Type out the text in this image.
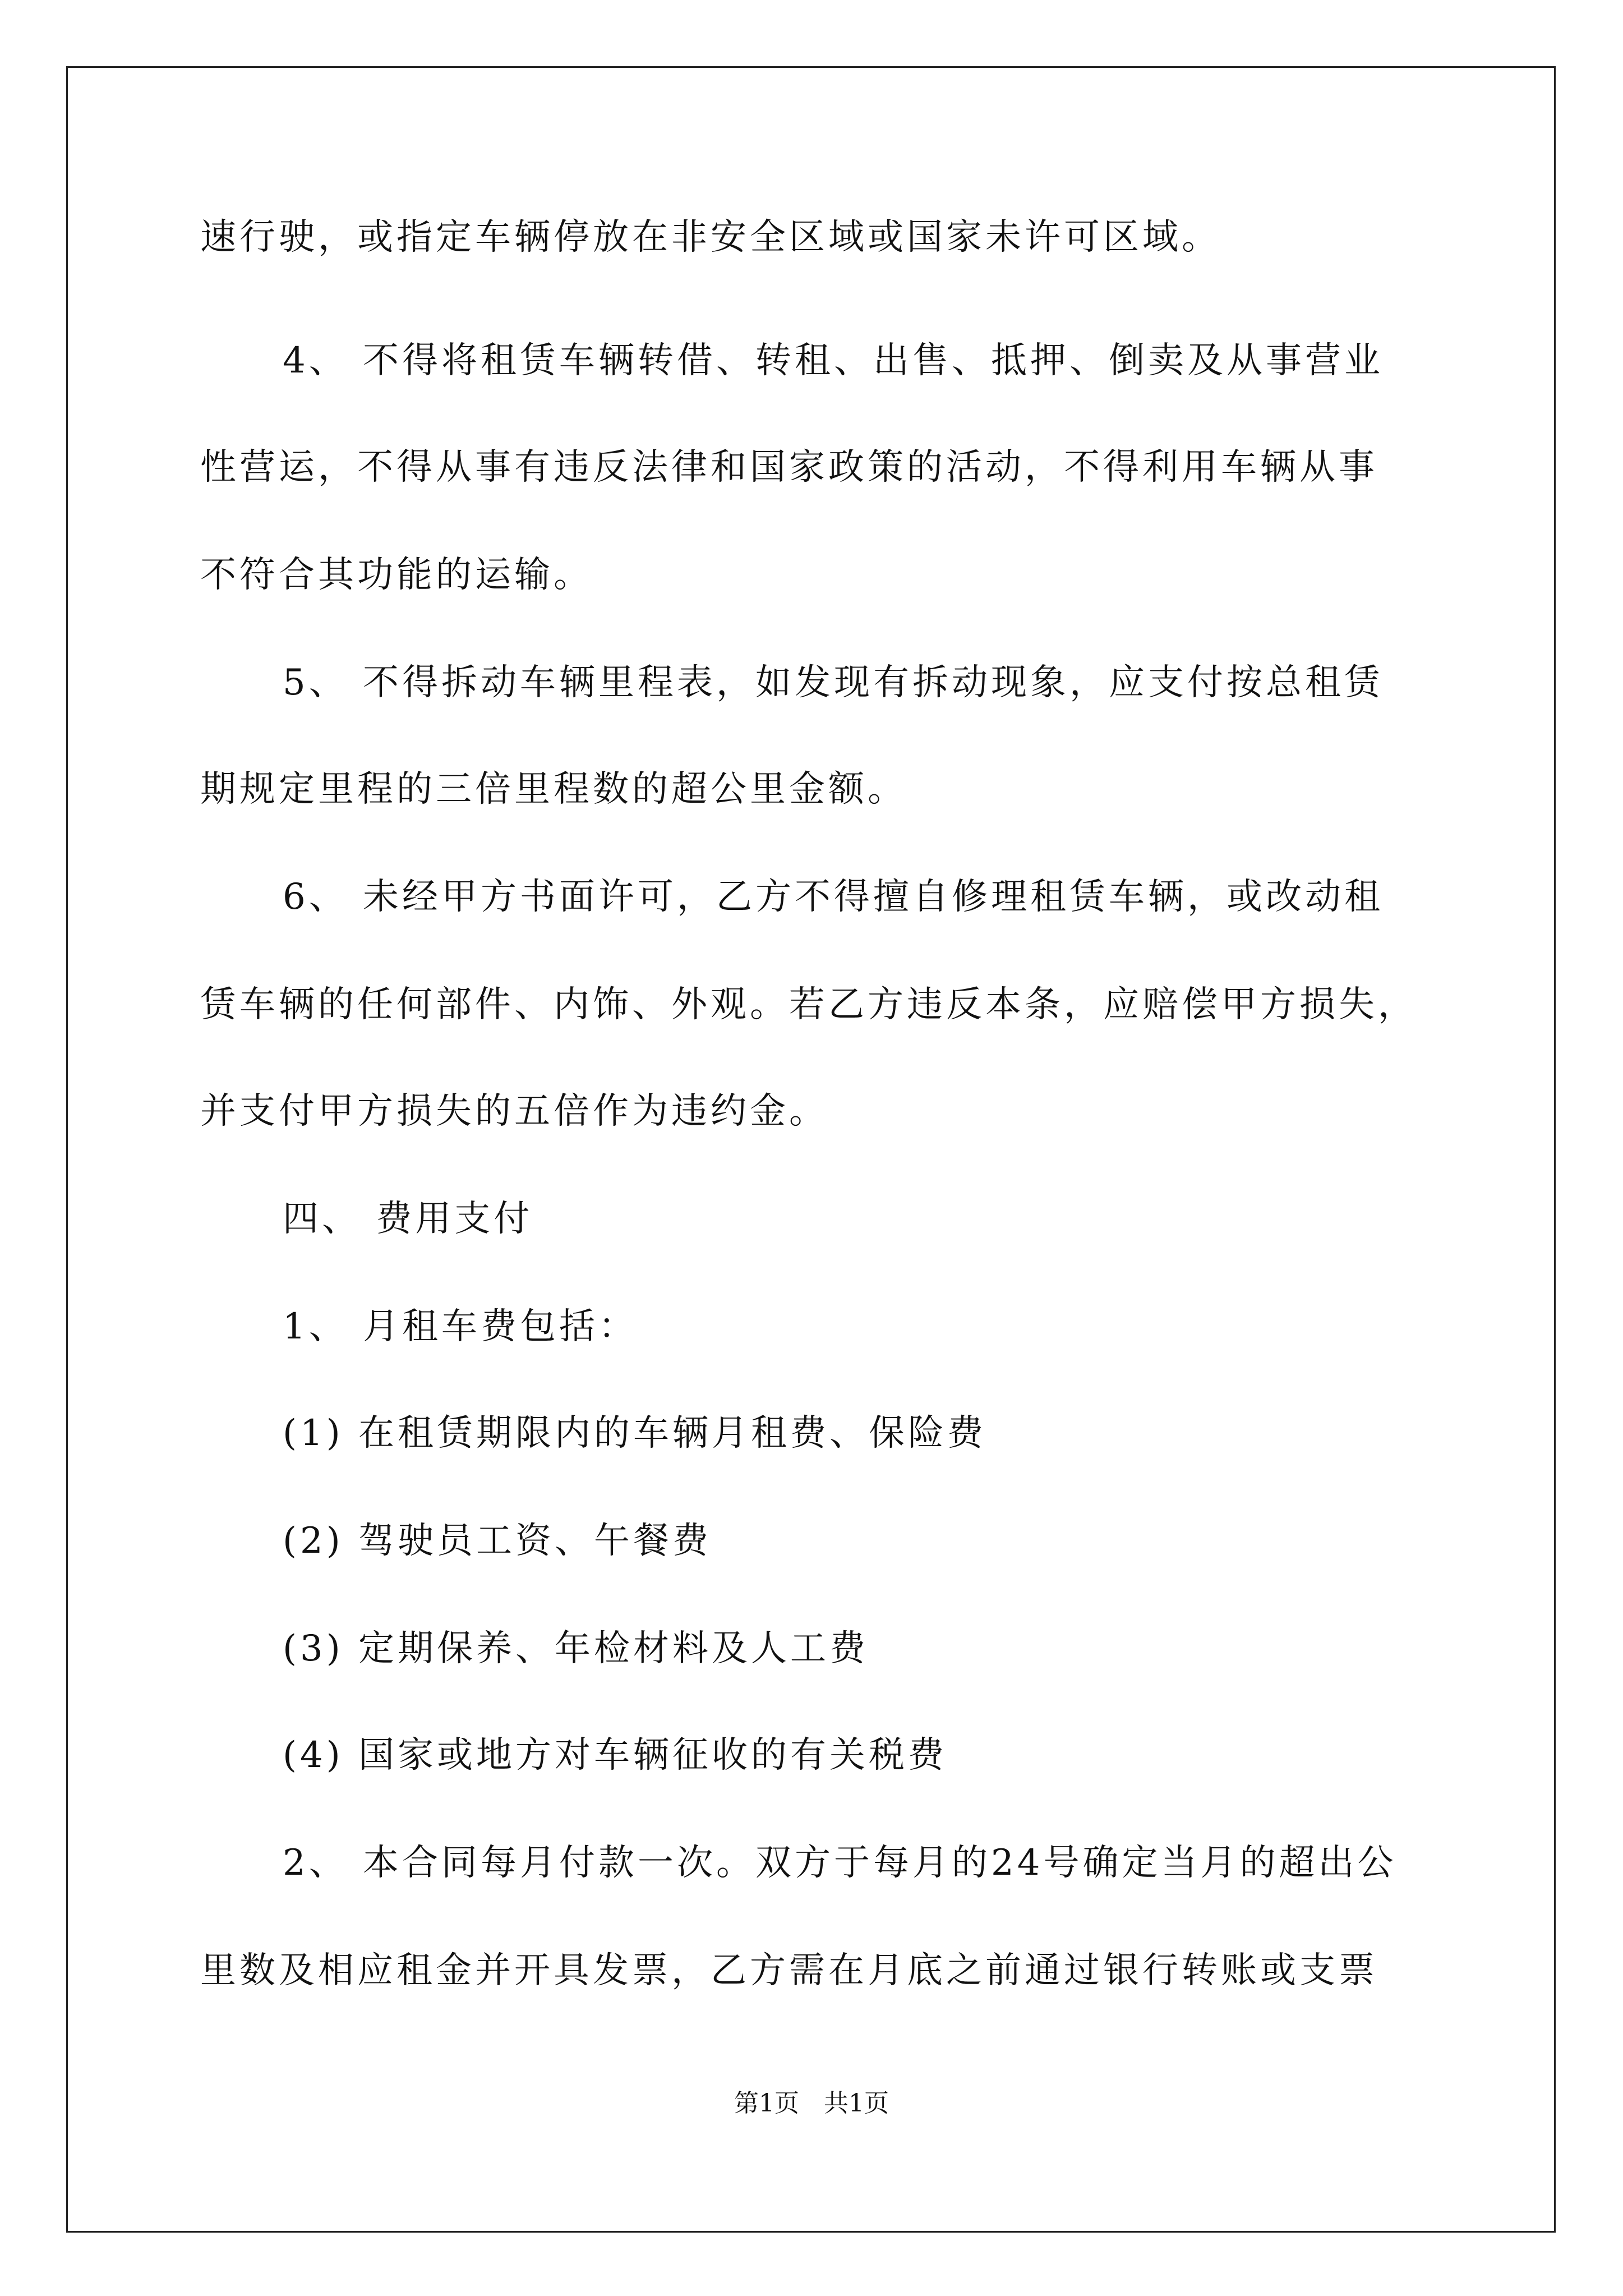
速行驶，或指定车辆停放在非安全区域或国家未许可区域。
4、 不得将租赁车辆转借、转租、出售、抵押、倒卖及从事营业
性营运，不得从事有违反法律和国家政策的活动，不得利用车辆从事
不符合其功能的运输。
5、 不得拆动车辆里程表，如发现有拆动现象，应支付按总租赁
期规定里程的三倍里程数的超公里金额。
6、 未经甲方书面许可，乙方不得擅自修理租赁车辆，或改动租
赁车辆的任何部件、内饰、外观。若乙方违反本条，应赔偿甲方损失，
并支付甲方损失的五倍作为违约金。
四、 费用支付
1、 月租车费包括：
(1) 在租赁期限内的车辆月租费、保险费
(2) 驾驶员工资、午餐费
(3) 定期保养、年检材料及人工费
(4) 国家或地方对车辆征收的有关税费
2、 本合同每月付款一次。双方于每月的24号确定当月的超出公
里数及相应租金并开具发票，乙方需在月底之前通过银行转账或支票
第1页　共1页
